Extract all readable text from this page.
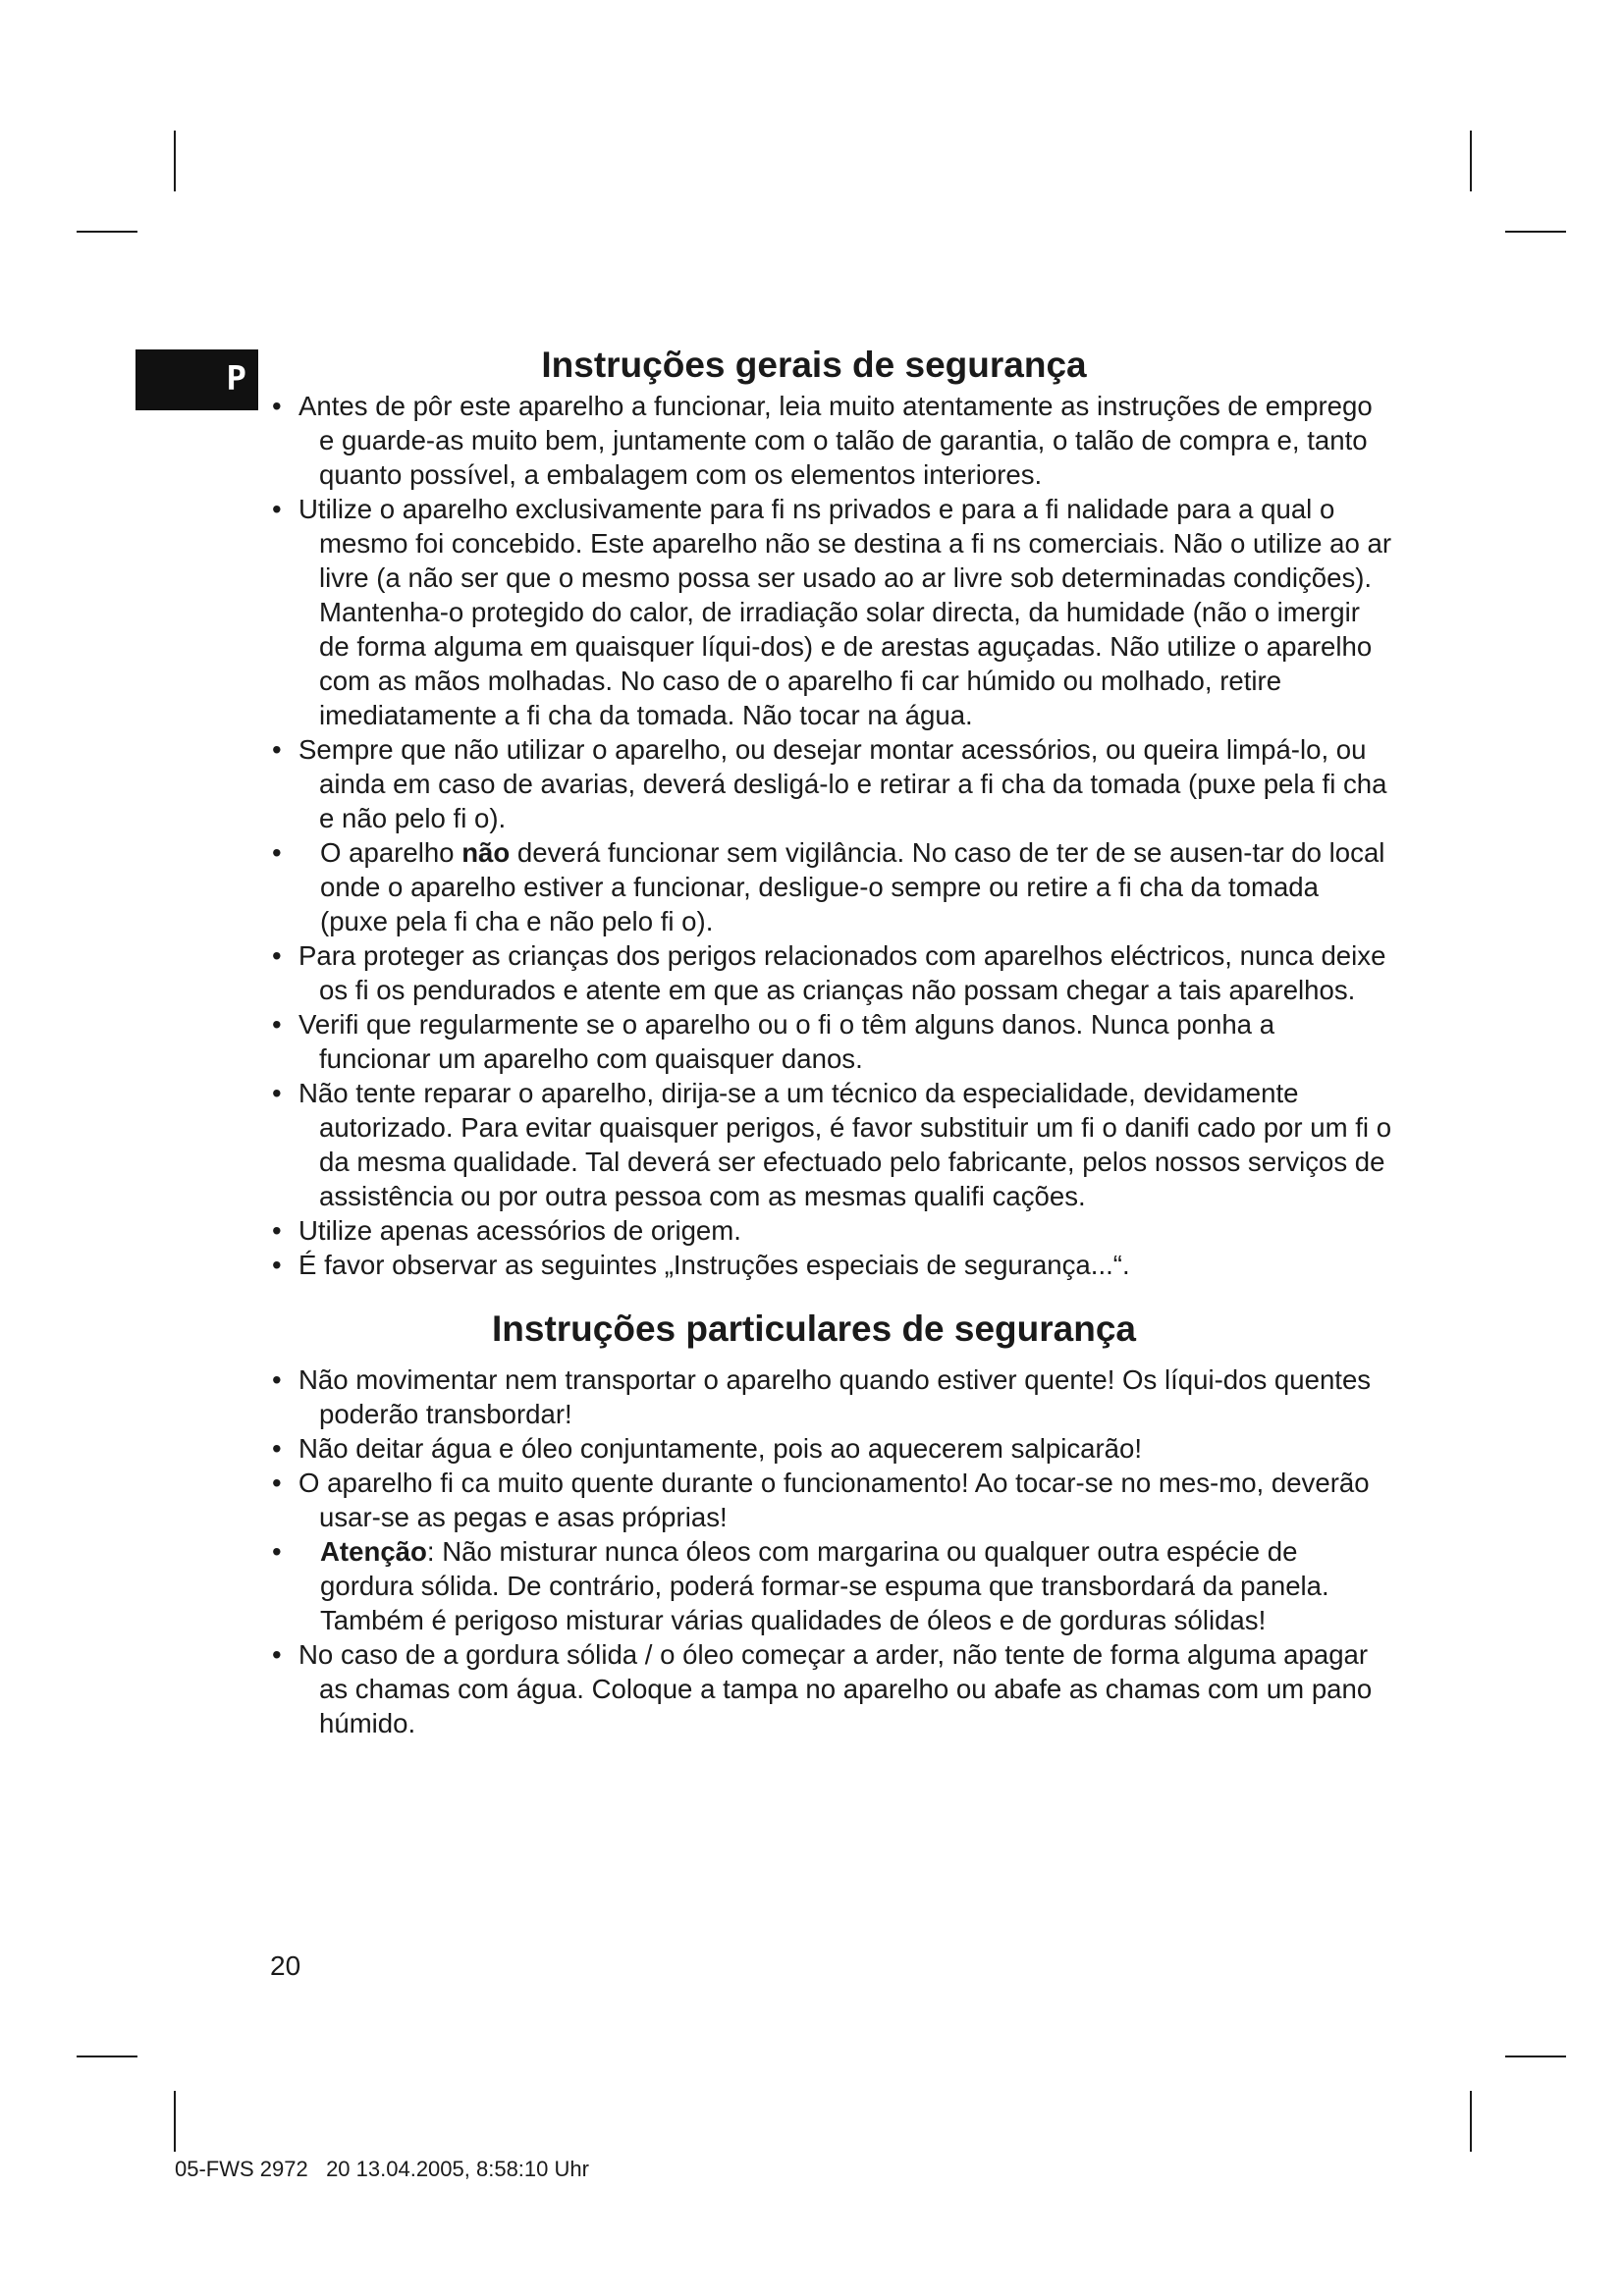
P	Instruções gerais de segurança
• Antes de pôr este aparelho a funcionar, leia muito atentamente as instruções de emprego e guarde-as muito bem, juntamente com o talão de garantia, o talão de compra e, tanto quanto possível, a embalagem com os elementos interiores.
• Utilize o aparelho exclusivamente para fi ns privados e para a fi nalidade para a qual o mesmo foi concebido. Este aparelho não se destina a fi ns comerciais. Não o utilize ao ar livre (a não ser que o mesmo possa ser usado ao ar livre sob determinadas condições). Mantenha-o protegido do calor, de irradiação solar directa, da humidade (não o imergir de forma alguma em quaisquer líqui-dos) e de arestas aguçadas. Não utilize o aparelho com as mãos molhadas. No caso de o aparelho fi car húmido ou molhado, retire imediatamente a fi cha da tomada. Não tocar na água.
• Sempre que não utilizar o aparelho, ou desejar montar acessórios, ou queira limpá-lo, ou ainda em caso de avarias, deverá desligá-lo e retirar a fi cha da tomada (puxe pela fi cha e não pelo fi o).
• O aparelho não deverá funcionar sem vigilância. No caso de ter de se ausen-tar do local onde o aparelho estiver a funcionar, desligue-o sempre ou retire a fi cha da tomada (puxe pela fi cha e não pelo fi o).
• Para proteger as crianças dos perigos relacionados com aparelhos eléctricos, nunca deixe os fi os pendurados e atente em que as crianças não possam chegar a tais aparelhos.
• Verifi que regularmente se o aparelho ou o fi o têm alguns danos. Nunca ponha a funcionar um aparelho com quaisquer danos.
• Não tente reparar o aparelho, dirija-se a um técnico da especialidade, devidamente autorizado. Para evitar quaisquer perigos, é favor substituir um fi o danifi cado por um fi o da mesma qualidade. Tal deverá ser efectuado pelo fabricante, pelos nossos serviços de assistência ou por outra pessoa com as mesmas qualifi cações.
• Utilize apenas acessórios de origem.
• É favor observar as seguintes „Instruções especiais de segurança...“.
Instruções particulares de segurança
• Não movimentar nem transportar o aparelho quando estiver quente! Os líqui-dos quentes poderão transbordar!
• Não deitar água e óleo conjuntamente, pois ao aquecerem salpicarão!
• O aparelho fi ca muito quente durante o funcionamento! Ao tocar-se no mes-mo, deverão usar-se as pegas e asas próprias!
• Atenção: Não misturar nunca óleos com margarina ou qualquer outra espécie de gordura sólida. De contrário, poderá formar-se espuma que transbordará da panela. Também é perigoso misturar várias qualidades de óleos e de gorduras sólidas!
• No caso de a gordura sólida / o óleo começar a arder, não tente de forma alguma apagar as chamas com água. Coloque a tampa no aparelho ou abafe as chamas com um pano húmido.
20
05-FWS 2972   20 13.04.2005, 8:58:10 Uhr
